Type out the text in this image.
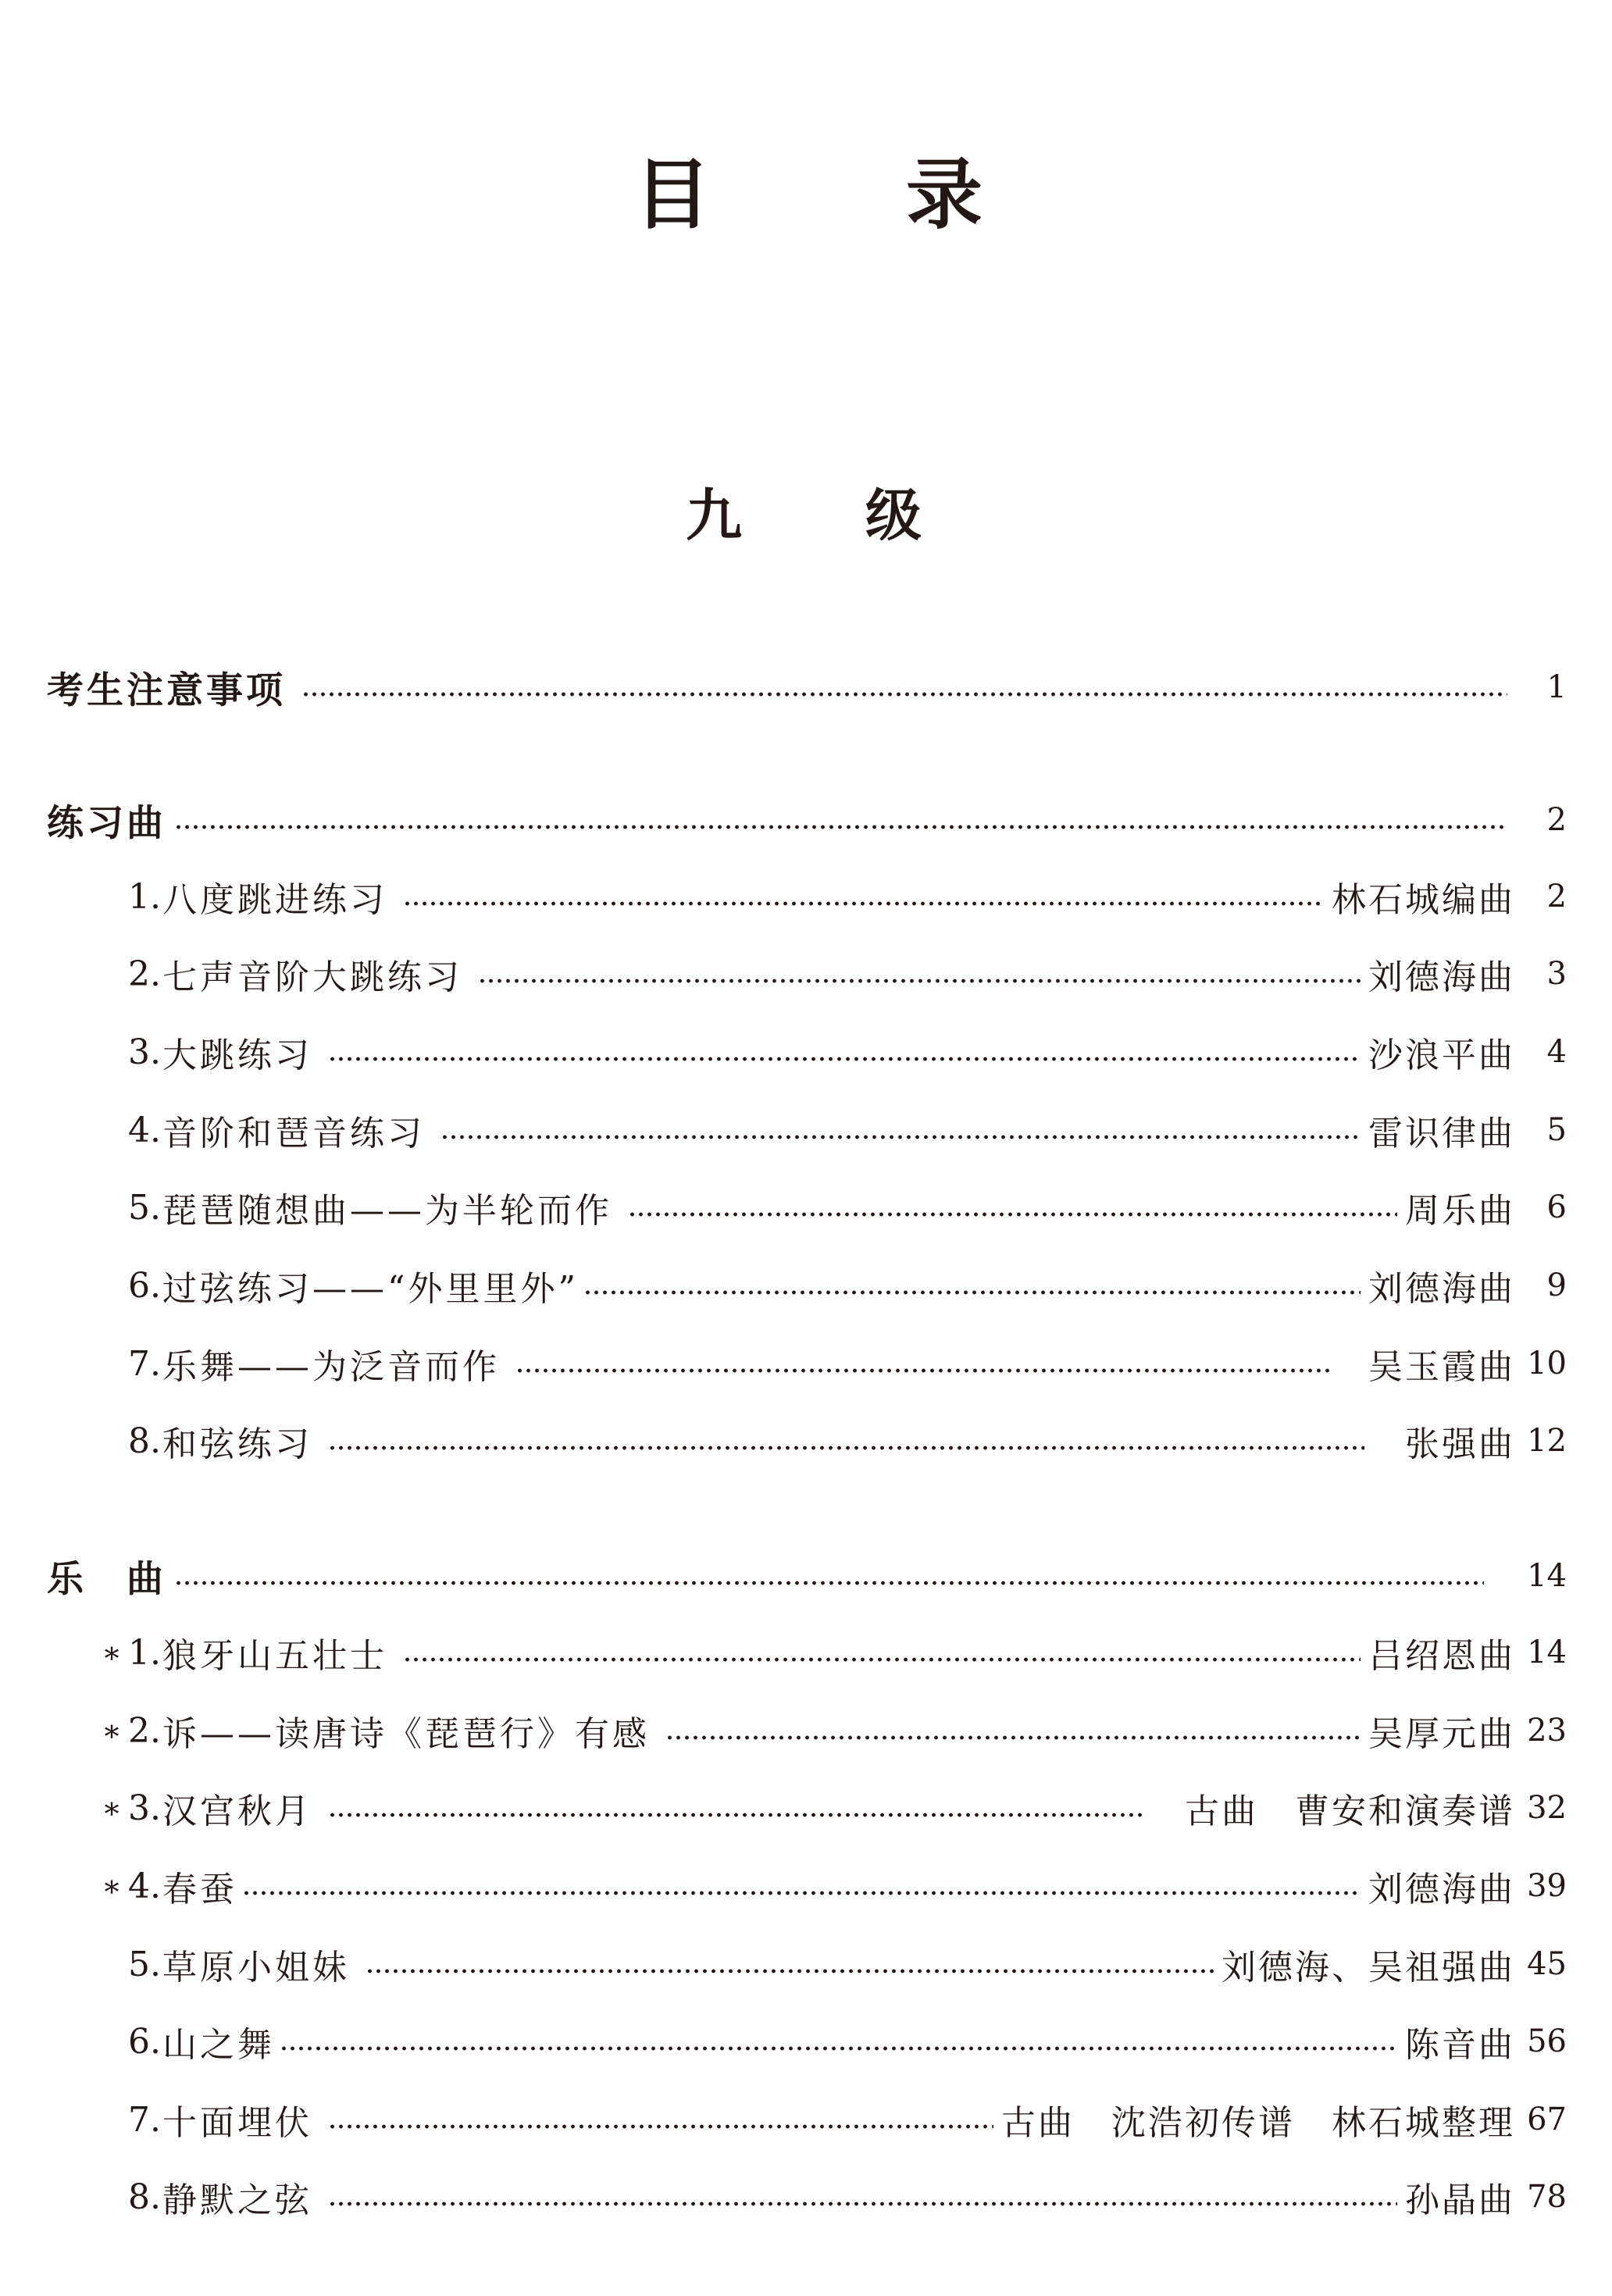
目	录
九 级
考生注意事项	1
练习曲	2
1. 八度跳进练习	林石城编曲	2
2. 七声音阶大跳练习	刘德海曲	3
3. 大跳练习	沙浪平曲	4
4. 音阶和琶音练习	雷识律曲	5
5. 琵琶随想曲——为半轮而作	周乐曲	6
6. 过弦练习——“外里里外”	刘德海曲	9
7. 乐舞——为泛音而作	吴玉霞曲 10
8. 和弦练习	张强曲 12
乐　曲	14
∗ 1. 狼牙山五壮士	吕绍恩曲 14
∗ 2. 诉——读唐诗《琵琶行》有感	吴厚元曲 23
∗ 3. 汉宫秋月	古曲　曹安和演奏谱 32
∗ 4. 春蚕	刘德海曲 39
5. 草原小姐妹	刘德海、吴祖强曲 45
6. 山之舞	陈音曲 56
7. 十面埋伏	古曲　沈浩初传谱　林石城整理 67
8. 静默之弦	孙晶曲 78
